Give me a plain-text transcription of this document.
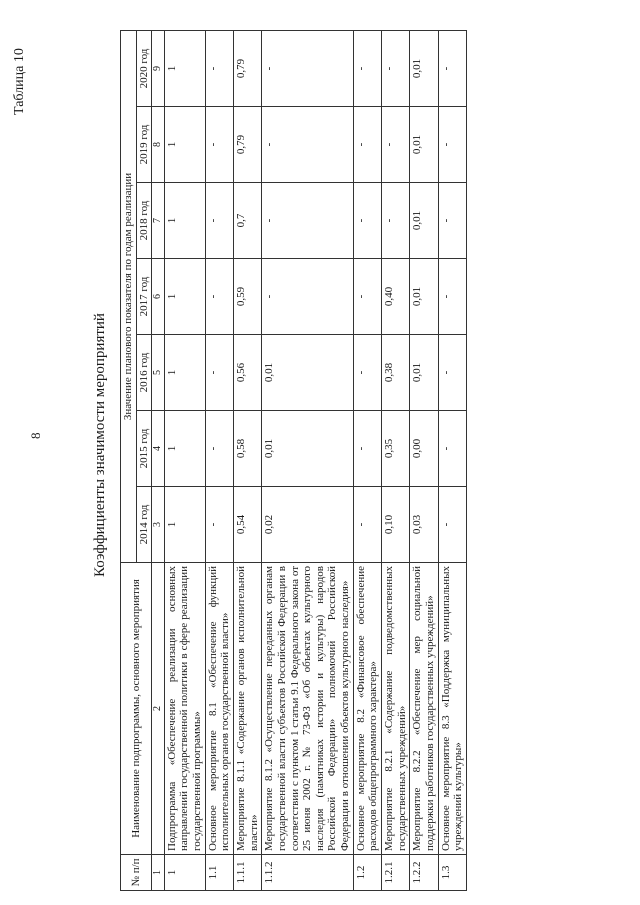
8
Таблица 10
Коэффициенты значимости мероприятий
№ п/п	Наименование подпрограммы, основного мероприятия	Значение планового показателя по годам реализации						
		2014 год	2015 год	2016 год	2017 год	2018 год	2019 год	2020 год
1	2	3	4	5	6	7	8	9
1	Подпрограмма «Обеспечение реализации основных направлений государственной политики в сфере реализации государственной программы»	1	1	1	1	1	1	1
1.1	Основное мероприятие 8.1 «Обеспечение функций исполнительных органов государственной власти»	-	-	-	-	-	-	-
1.1.1	Мероприятие 8.1.1 «Содержание органов исполнительной власти»	0,54	0,58	0,56	0,59	0,7	0,79	0,79
1.1.2	Мероприятие 8.1.2 «Осуществление переданных органам государственной власти субъектов Российской Федерации в соответствии с пунктом 1 статьи 9.1 Федерального закона от 25 июня 2002 г. № 73-ФЗ «Об объектах культурного наследия (памятниках истории и культуры) народов Российской Федерации» полномочий Российской Федерации в отношении объектов культурного наследия»	0,02	0,01	0,01	-	-	-	-
1.2	Основное мероприятие 8.2 «Финансовое обеспечение расходов общепрограммного характера»	-	-	-	-	-	-	-
1.2.1	Мероприятие 8.2.1 «Содержание подведомственных государственных учреждений»	0,10	0,35	0,38	0,40	-	-	-
1.2.2	Мероприятие 8.2.2 «Обеспечение мер социальной поддержки работников государственных учреждений»	0,03	0,00	0,01	0,01	0,01	0,01	0,01
1.3	Основное мероприятие 8.3 «Поддержка муниципальных учреждений культуры»	-	-	-	-	-	-	-
